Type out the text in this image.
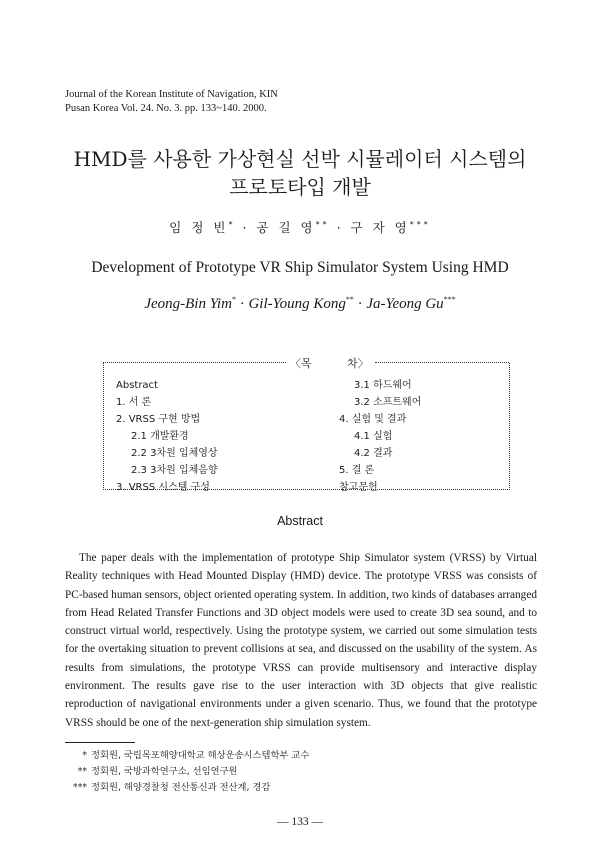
Journal of the Korean Institute of Navigation, KIN
Pusan Korea Vol. 24. No. 3. pp. 133~140. 2000.
HMD를 사용한 가상현실 선박 시뮬레이터 시스템의
프로토타입 개발
임 정 빈* · 공 길 영** · 구 자 영***
Development of Prototype VR Ship Simulator System Using HMD
Jeong-Bin Yim* · Gil-Young Kong** · Ja-Yeong Gu***
〈목	차〉
Abstract
1. 서 론
2. VRSS 구현 방법
2.1 개발환경
2.2 3차원 입체영상
2.3 3차원 입체음향
3. VRSS 시스템 구성
3.1 하드웨어
3.2 소프트웨어
4. 실험 및 결과
4.1 실험
4.2 결과
5. 결 론
참고문헌
Abstract
The paper deals with the implementation of prototype Ship Simulator system (VRSS) by Virtual Reality techniques with Head Mounted Display (HMD) device. The prototype VRSS was consists of PC-based human sensors, object oriented operating system. In addition, two kinds of databases arranged from Head Related Transfer Functions and 3D object models were used to create 3D sea sound, and to construct virtual world, respectively. Using the prototype system, we carried out some simulation tests for the overtaking situation to prevent collisions at sea, and discussed on the usability of the system. As results from simulations, the prototype VRSS can provide multisensory and interactive display environment. The results gave rise to the user interaction with 3D objects that give realistic reproduction of navigational environments under a given scenario. Thus, we found that the prototype VRSS should be one of the next-generation ship simulation system.
* 정회원, 국립목포해양대학교 해상운송시스템학부 교수
** 정회원, 국방과학연구소, 선임연구원
*** 정회원, 해양경찰청 전산통신과 전산계, 경감
— 133 —
